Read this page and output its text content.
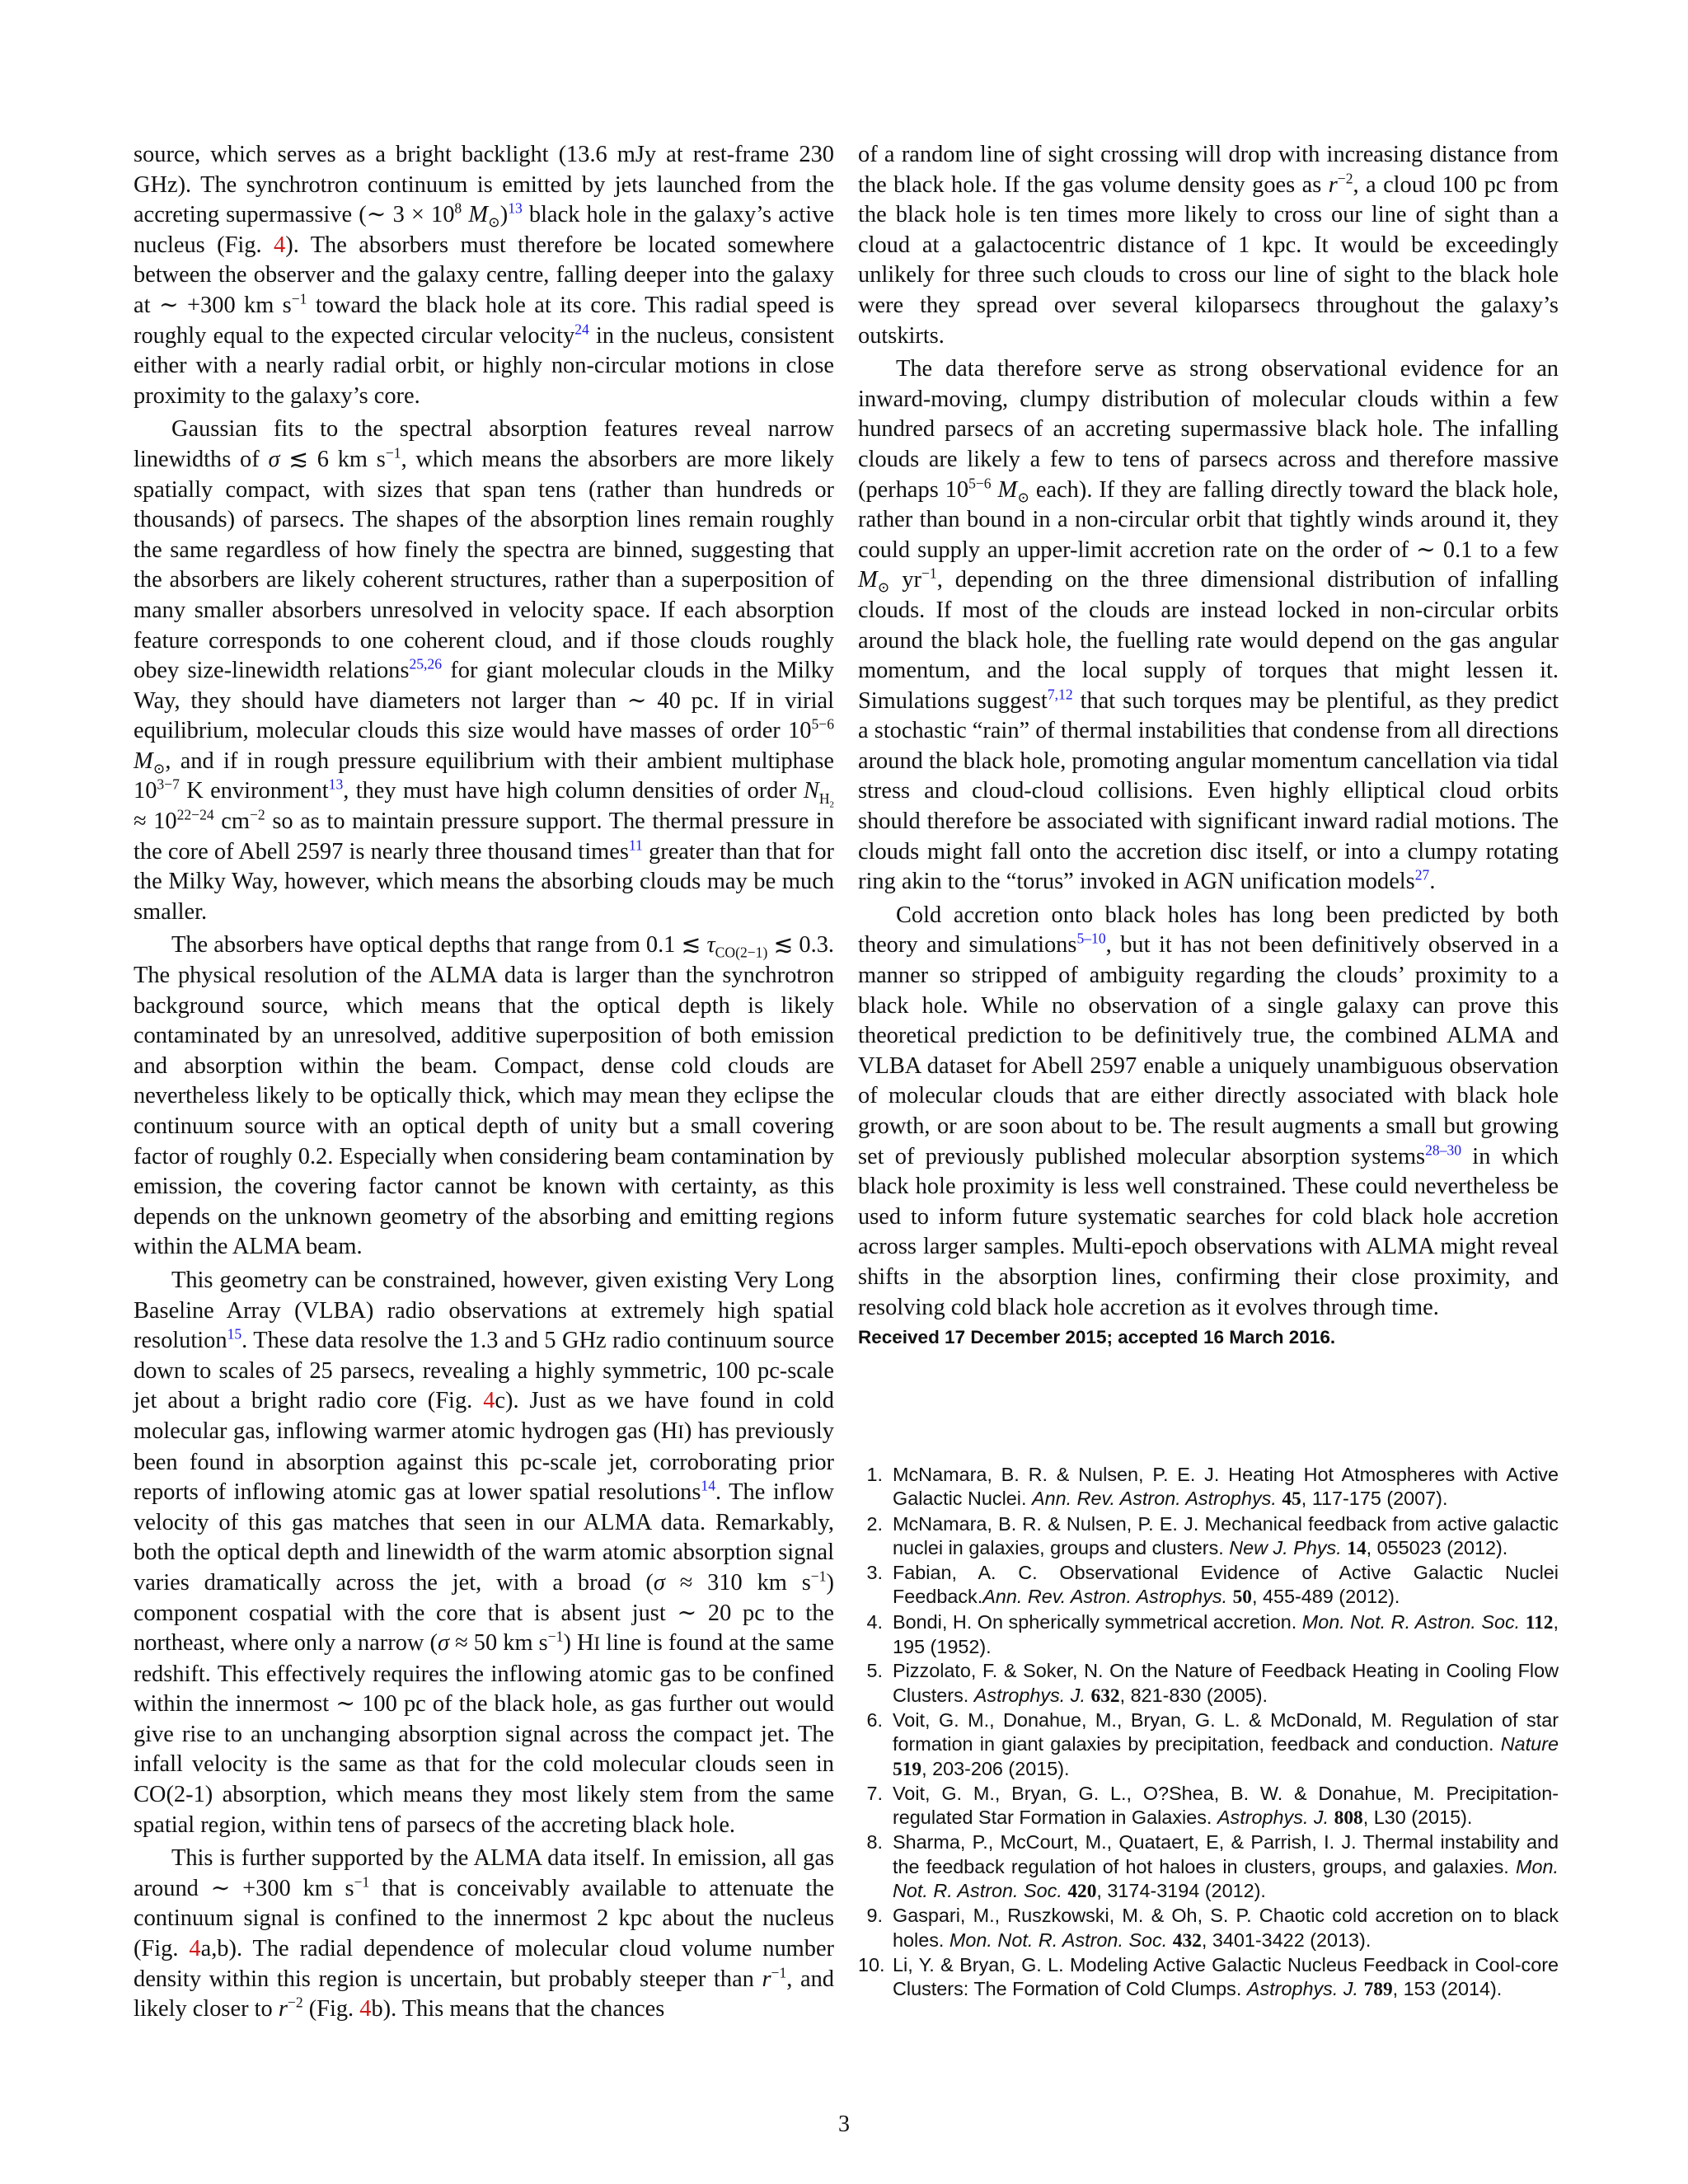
source, which serves as a bright backlight (13.6 mJy at rest-frame 230 GHz). The synchrotron continuum is emitted by jets launched from the accreting supermassive (∼ $3 \times 10^8$ $M_⊙)^{13}$ black hole in the galaxy’s active nucleus (Fig. 4). The absorbers must therefore be located somewhere between the observer and the galaxy centre, falling deeper into the galaxy at ∼ +300 km $s^{-1}$ toward the black hole at its core. This radial speed is roughly equal to the expected circular velocity$^{24}$ in the nucleus, consistent either with a nearly radial orbit, or highly non-circular motions in close proximity to the galaxy’s core.

Gaussian fits to the spectral absorption features reveal narrow linewidths of σ ≲ 6 km $s^{-1}$, which means the absorbers are more likely spatially compact, with sizes that span tens (rather than hundreds or thousands) of parsecs. The shapes of the absorption lines remain roughly the same regardless of how finely the spectra are binned, suggesting that the absorbers are likely coherent structures, rather than a superposition of many smaller absorbers unresolved in velocity space. If each absorption feature corresponds to one coherent cloud, and if those clouds roughly obey size-linewidth relations$^{25,26}$ for giant molecular clouds in the Milky Way, they should have diameters not larger than ∼ 40 pc. If in virial equilibrium, molecular clouds this size would have masses of order $10^{5-6}$ $M_⊙$, and if in rough pressure equilibrium with their ambient multiphase $10^{3-7}$ K environment$^{13}$, they must have high column densities of order $N_{H_2} \approx 10^{22-24}$ $cm^{-2}$ so as to maintain pressure support. The thermal pressure in the core of Abell 2597 is nearly three thousand times$^{11}$ greater than that for the Milky Way, however, which means the absorbing clouds may be much smaller.

The absorbers have optical depths that range from 0.1 ≲ $\tau_{CO(2-1)}$ ≲ 0.3. The physical resolution of the ALMA data is larger than the synchrotron background source, which means that the optical depth is likely contaminated by an unresolved, additive superposition of both emission and absorption within the beam. Compact, dense cold clouds are nevertheless likely to be optically thick, which may mean they eclipse the continuum source with an optical depth of unity but a small covering factor of roughly 0.2. Especially when considering beam contamination by emission, the covering factor cannot be known with certainty, as this depends on the unknown geometry of the absorbing and emitting regions within the ALMA beam.

This geometry can be constrained, however, given existing Very Long Baseline Array (VLBA) radio observations at extremely high spatial resolution$^{15}$. These data resolve the 1.3 and 5 GHz radio continuum source down to scales of 25 parsecs, revealing a highly symmetric, 100 pc-scale jet about a bright radio core (Fig. 4c). Just as we have found in cold molecular gas, inflowing warmer atomic hydrogen gas (HI) has previously been found in absorption against this pc-scale jet, corroborating prior reports of inflowing atomic gas at lower spatial resolutions$^{14}$. The inflow velocity of this gas matches that seen in our ALMA data. Remarkably, both the optical depth and linewidth of the warm atomic absorption signal varies dramatically across the jet, with a broad (σ ≈ 310 km $s^{-1}$) component cospatial with the core that is absent just ∼ 20 pc to the northeast, where only a narrow (σ ≈ 50 km $s^{-1}$) HI line is found at the same redshift. This effectively requires the inflowing atomic gas to be confined within the innermost ∼ 100 pc of the black hole, as gas further out would give rise to an unchanging absorption signal across the compact jet. The infall velocity is the same as that for the cold molecular clouds seen in CO(2-1) absorption, which means they most likely stem from the same spatial region, within tens of parsecs of the accreting black hole.

This is further supported by the ALMA data itself. In emission, all gas around ∼ +300 km $s^{-1}$ that is conceivably available to attenuate the continuum signal is confined to the innermost 2 kpc about the nucleus (Fig. 4a,b). The radial dependence of molecular cloud volume number density within this region is uncertain, but probably steeper than $r^{-1}$, and likely closer to $r^{-2}$ (Fig. 4b). This means that the chances

of a random line of sight crossing will drop with increasing distance from the black hole. If the gas volume density goes as $r^{-2}$, a cloud 100 pc from the black hole is ten times more likely to cross our line of sight than a cloud at a galactocentric distance of 1 kpc. It would be exceedingly unlikely for three such clouds to cross our line of sight to the black hole were they spread over several kiloparsecs throughout the galaxy’s outskirts.

The data therefore serve as strong observational evidence for an inward-moving, clumpy distribution of molecular clouds within a few hundred parsecs of an accreting supermassive black hole. The infalling clouds are likely a few to tens of parsecs across and therefore massive (perhaps $10^{5-6}$ $M_⊙$ each). If they are falling directly toward the black hole, rather than bound in a non-circular orbit that tightly winds around it, they could supply an upper-limit accretion rate on the order of ∼ 0.1 to a few $M_⊙$ $yr^{-1}$, depending on the three dimensional distribution of infalling clouds. If most of the clouds are instead locked in non-circular orbits around the black hole, the fuelling rate would depend on the gas angular momentum, and the local supply of torques that might lessen it. Simulations suggest$^{7,12}$ that such torques may be plentiful, as they predict a stochastic “rain” of thermal instabilities that condense from all directions around the black hole, promoting angular momentum cancellation via tidal stress and cloud-cloud collisions. Even highly elliptical cloud orbits should therefore be associated with significant inward radial motions. The clouds might fall onto the accretion disc itself, or into a clumpy rotating ring akin to the “torus” invoked in AGN unification models$^{27}$.

Cold accretion onto black holes has long been predicted by both theory and simulations$^{5-10}$, but it has not been definitively observed in a manner so stripped of ambiguity regarding the clouds’ proximity to a black hole. While no observation of a single galaxy can prove this theoretical prediction to be definitively true, the combined ALMA and VLBA dataset for Abell 2597 enable a uniquely unambiguous observation of molecular clouds that are either directly associated with black hole growth, or are soon about to be. The result augments a small but growing set of previously published molecular absorption systems$^{28-30}$ in which black hole proximity is less well constrained. These could nevertheless be used to inform future systematic searches for cold black hole accretion across larger samples. Multi-epoch observations with ALMA might reveal shifts in the absorption lines, confirming their close proximity, and resolving cold black hole accretion as it evolves through time.

Received 17 December 2015; accepted 16 March 2016.
1. McNamara, B. R. & Nulsen, P. E. J. Heating Hot Atmospheres with Active Galactic Nuclei. Ann. Rev. Astron. Astrophys. 45, 117-175 (2007).
2. McNamara, B. R. & Nulsen, P. E. J. Mechanical feedback from active galactic nuclei in galaxies, groups and clusters. New J. Phys. 14, 055023 (2012).
3. Fabian, A. C. Observational Evidence of Active Galactic Nuclei Feedback.Ann. Rev. Astron. Astrophys. 50, 455-489 (2012).
4. Bondi, H. On spherically symmetrical accretion. Mon. Not. R. Astron. Soc. 112, 195 (1952).
5. Pizzolato, F. & Soker, N. On the Nature of Feedback Heating in Cooling Flow Clusters. Astrophys. J. 632, 821-830 (2005).
6. Voit, G. M., Donahue, M., Bryan, G. L. & McDonald, M. Regulation of star formation in giant galaxies by precipitation, feedback and conduction. Nature 519, 203-206 (2015).
7. Voit, G. M., Bryan, G. L., O?Shea, B. W. & Donahue, M. Precipitation-regulated Star Formation in Galaxies. Astrophys. J. 808, L30 (2015).
8. Sharma, P., McCourt, M., Quataert, E, & Parrish, I. J. Thermal instability and the feedback regulation of hot haloes in clusters, groups, and galaxies. Mon. Not. R. Astron. Soc. 420, 3174-3194 (2012).
9. Gaspari, M., Ruszkowski, M. & Oh, S. P. Chaotic cold accretion on to black holes. Mon. Not. R. Astron. Soc. 432, 3401-3422 (2013).
10. Li, Y. & Bryan, G. L. Modeling Active Galactic Nucleus Feedback in Cool-core Clusters: The Formation of Cold Clumps. Astrophys. J. 789, 153 (2014).
3
